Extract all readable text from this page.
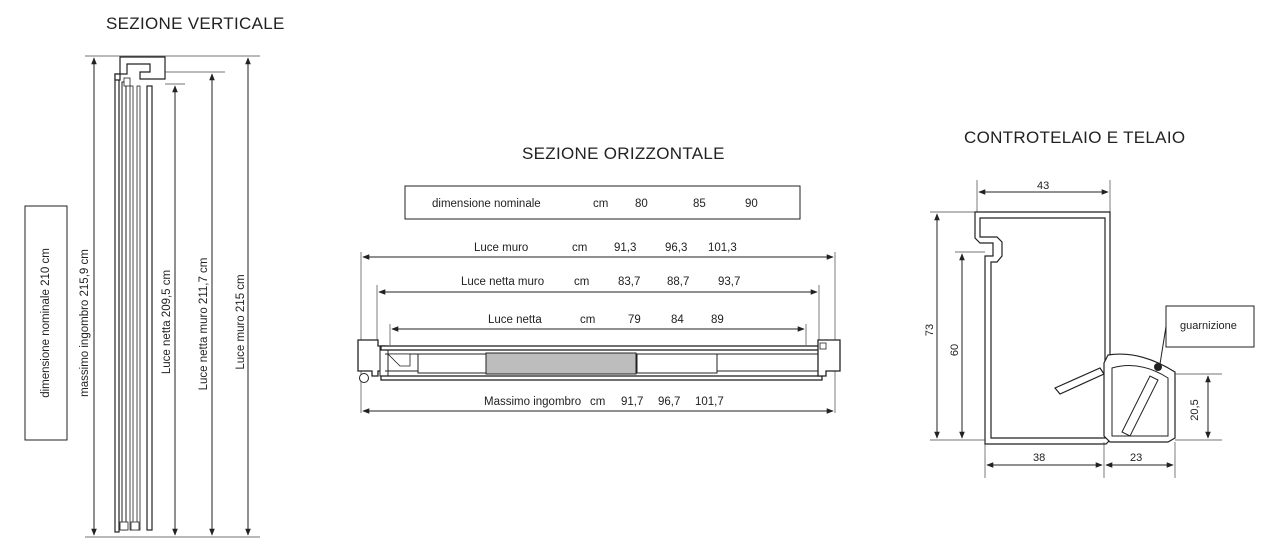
SEZIONE VERTICALE
dimensione nominale 210 cm massimo ingombro 215,9 cm	Luce netta 209,5 cm Luce netta muro 211,7 cm Luce muro 215 cm
SEZIONE ORIZZONTALE
dimensione nominale	cm 80	85	90
Luce muro	cm 91,3 96,3 101,3
Luce netta muro	cm 83,7 88,7 93,7
Luce netta	cm	79	84 89
Massimo ingombro cm 91,7 96,7 101,7
CONTROTELAIO E TELAIO
43
73
60
38	23
20,5
guarnizione
